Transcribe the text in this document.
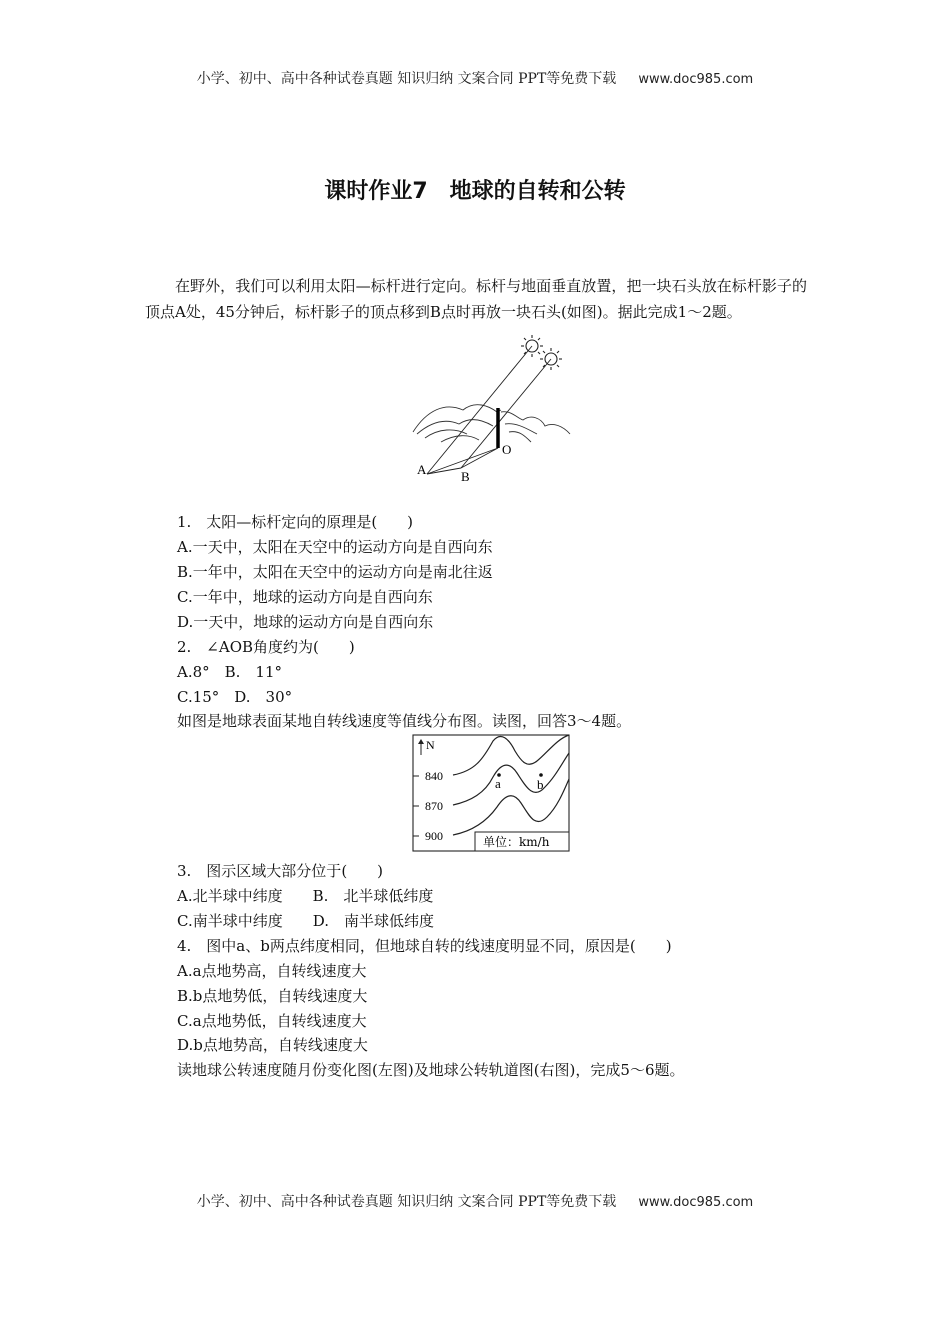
小学、初中、高中各种试卷真题 知识归纳 文案合同 PPT等免费下载 www.doc985.com
课时作业7　地球的自转和公转

在野外，我们可以利用太阳—标杆进行定向。标杆与地面垂直放置，把一块石头放在标杆影子的顶点A处，45分钟后，标杆影子的顶点移到B点时再放一块石头(如图)。据此完成1～2题。

A	B
O
1.　太阳—标杆定向的原理是(　　)
A.一天中，太阳在天空中的运动方向是自西向东
B.一年中，太阳在天空中的运动方向是南北往返
C.一年中，地球的运动方向是自西向东
D.一天中，地球的运动方向是自西向东
2.　∠AOB角度约为(　　)
A.8°　B.　11°
C.15°　D.　30°
如图是地球表面某地自转线速度等值线分布图。读图，回答3～4题。
N
840
870
900
a	b
单位：km/h
3.　图示区域大部分位于(　　)
A.北半球中纬度　　B.　北半球低纬度
C.南半球中纬度　　D.　南半球低纬度
4.　图中a、b两点纬度相同，但地球自转的线速度明显不同，原因是(　　)
A.a点地势高，自转线速度大
B.b点地势低，自转线速度大
C.a点地势低，自转线速度大
D.b点地势高，自转线速度大
读地球公转速度随月份变化图(左图)及地球公转轨道图(右图)，完成5～6题。
小学、初中、高中各种试卷真题 知识归纳 文案合同 PPT等免费下载 www.doc985.com
